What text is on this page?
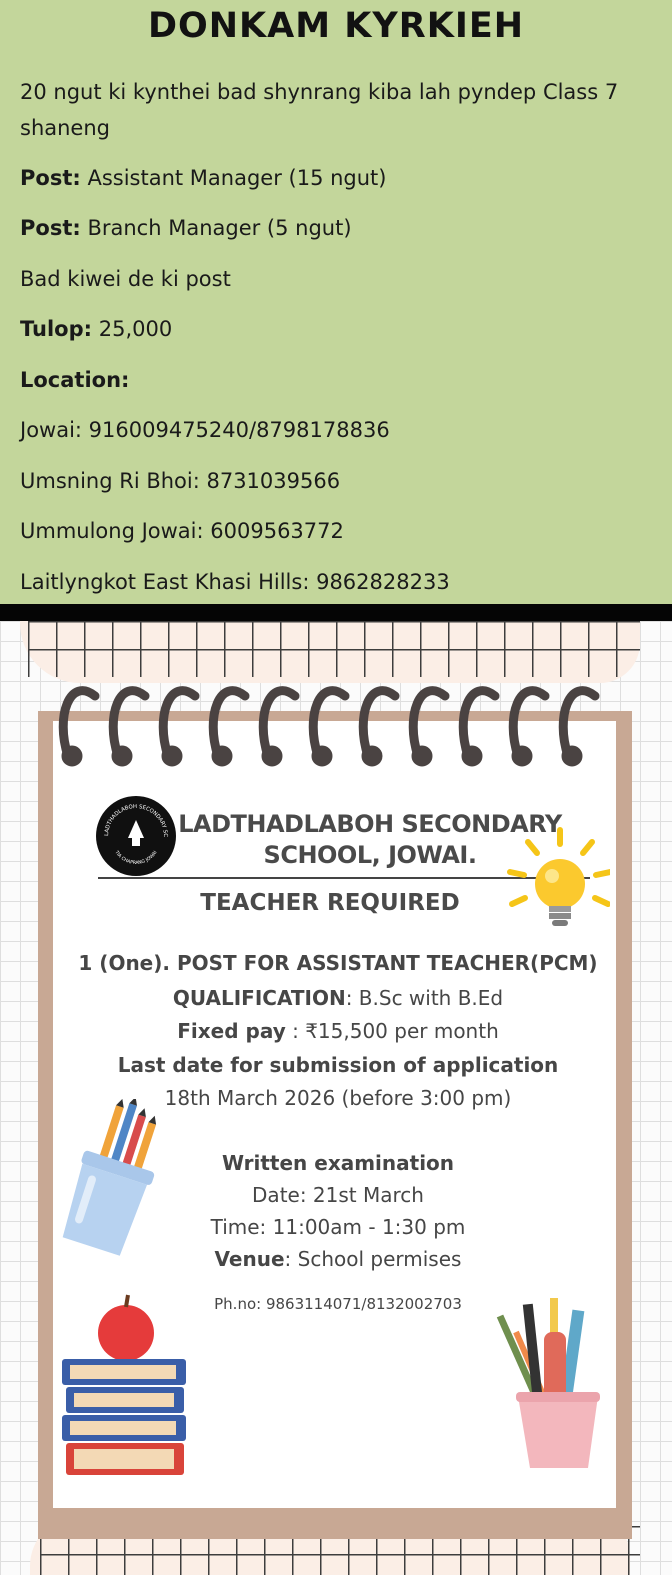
DONKAM KYRKIEH
20 ngut ki kynthei bad shynrang kiba lah pyndep Class 7 shaneng
Post: Assistant Manager (15 ngut)
Post: Branch Manager (5 ngut)
Bad kiwei de ki post
Tulop: 25,000
Location:
Jowai: 916009475240/8798178836
Umsning Ri Bhoi: 8731039566
Ummulong Jowai: 6009563772
Laitlyngkot East Khasi Hills: 9862828233
LADTHADLABOH SECONDARY SC
TIA CHAPRANG JOWAI
LADTHADLABOH SECONDARY
SCHOOL, JOWAI.
TEACHER REQUIRED
1 (One). POST FOR ASSISTANT TEACHER(PCM)
QUALIFICATION: B.Sc with B.Ed
Fixed pay : ₹15,500 per month
Last date for submission of application
18th March 2026 (before 3:00 pm)
Written examination
Date: 21st March
Time: 11:00am - 1:30 pm
Venue: School permises
Ph.no: 9863114071/8132002703
